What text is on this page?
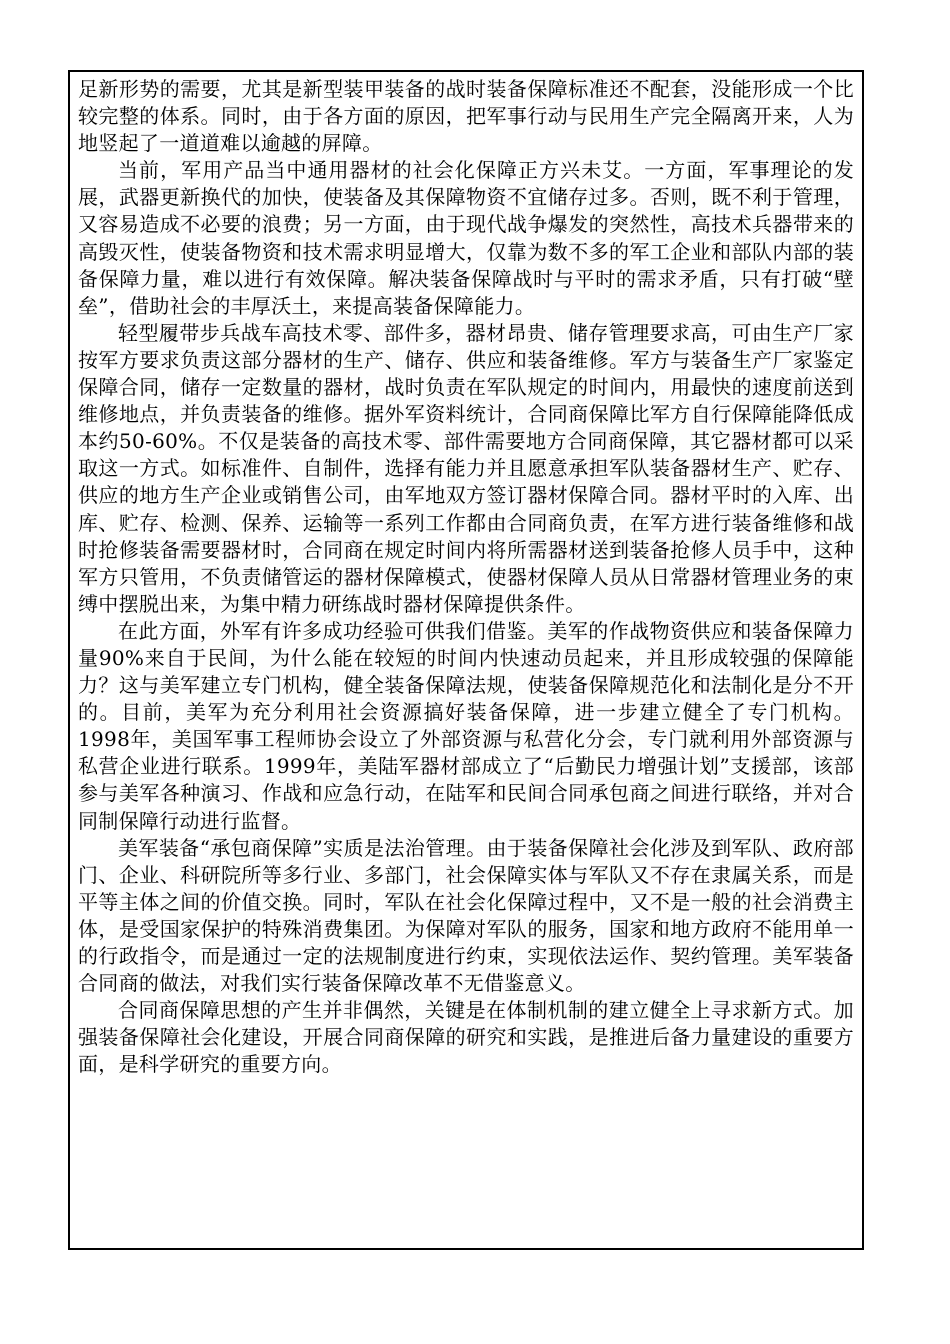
足新形势的需要，尤其是新型装甲装备的战时装备保障标准还不配套，没能形成一个比较完整的体系。同时，由于各方面的原因，把军事行动与民用生产完全隔离开来，人为地竖起了一道道难以逾越的屏障。

当前，军用产品当中通用器材的社会化保障正方兴未艾。一方面，军事理论的发展，武器更新换代的加快，使装备及其保障物资不宜储存过多。否则，既不利于管理，又容易造成不必要的浪费；另一方面，由于现代战争爆发的突然性，高技术兵器带来的高毁灭性，使装备物资和技术需求明显增大，仅靠为数不多的军工企业和部队内部的装备保障力量，难以进行有效保障。解决装备保障战时与平时的需求矛盾，只有打破“壁垒”，借助社会的丰厚沃土，来提高装备保障能力。

轻型履带步兵战车高技术零、部件多，器材昂贵、储存管理要求高，可由生产厂家按军方要求负责这部分器材的生产、储存、供应和装备维修。军方与装备生产厂家鉴定保障合同，储存一定数量的器材，战时负责在军队规定的时间内，用最快的速度前送到维修地点，并负责装备的维修。据外军资料统计，合同商保障比军方自行保障能降低成本约50-60%。不仅是装备的高技术零、部件需要地方合同商保障，其它器材都可以采取这一方式。如标准件、自制件，选择有能力并且愿意承担军队装备器材生产、贮存、供应的地方生产企业或销售公司，由军地双方签订器材保障合同。器材平时的入库、出库、贮存、检测、保养、运输等一系列工作都由合同商负责，在军方进行装备维修和战时抢修装备需要器材时，合同商在规定时间内将所需器材送到装备抢修人员手中，这种军方只管用，不负责储管运的器材保障模式，使器材保障人员从日常器材管理业务的束缚中摆脱出来，为集中精力研练战时器材保障提供条件。

在此方面，外军有许多成功经验可供我们借鉴。美军的作战物资供应和装备保障力量90%来自于民间，为什么能在较短的时间内快速动员起来，并且形成较强的保障能力？这与美军建立专门机构，健全装备保障法规，使装备保障规范化和法制化是分不开的。目前，美军为充分利用社会资源搞好装备保障，进一步建立健全了专门机构。1998年，美国军事工程师协会设立了外部资源与私营化分会，专门就利用外部资源与私营企业进行联系。1999年，美陆军器材部成立了“后勤民力增强计划”支援部，该部参与美军各种演习、作战和应急行动，在陆军和民间合同承包商之间进行联络，并对合同制保障行动进行监督。

美军装备“承包商保障”实质是法治管理。由于装备保障社会化涉及到军队、政府部门、企业、科研院所等多行业、多部门，社会保障实体与军队又不存在隶属关系，而是平等主体之间的价值交换。同时，军队在社会化保障过程中，又不是一般的社会消费主体，是受国家保护的特殊消费集团。为保障对军队的服务，国家和地方政府不能用单一的行政指令，而是通过一定的法规制度进行约束，实现依法运作、契约管理。美军装备合同商的做法，对我们实行装备保障改革不无借鉴意义。

合同商保障思想的产生并非偶然，关键是在体制机制的建立健全上寻求新方式。加强装备保障社会化建设，开展合同商保障的研究和实践，是推进后备力量建设的重要方面，是科学研究的重要方向。
